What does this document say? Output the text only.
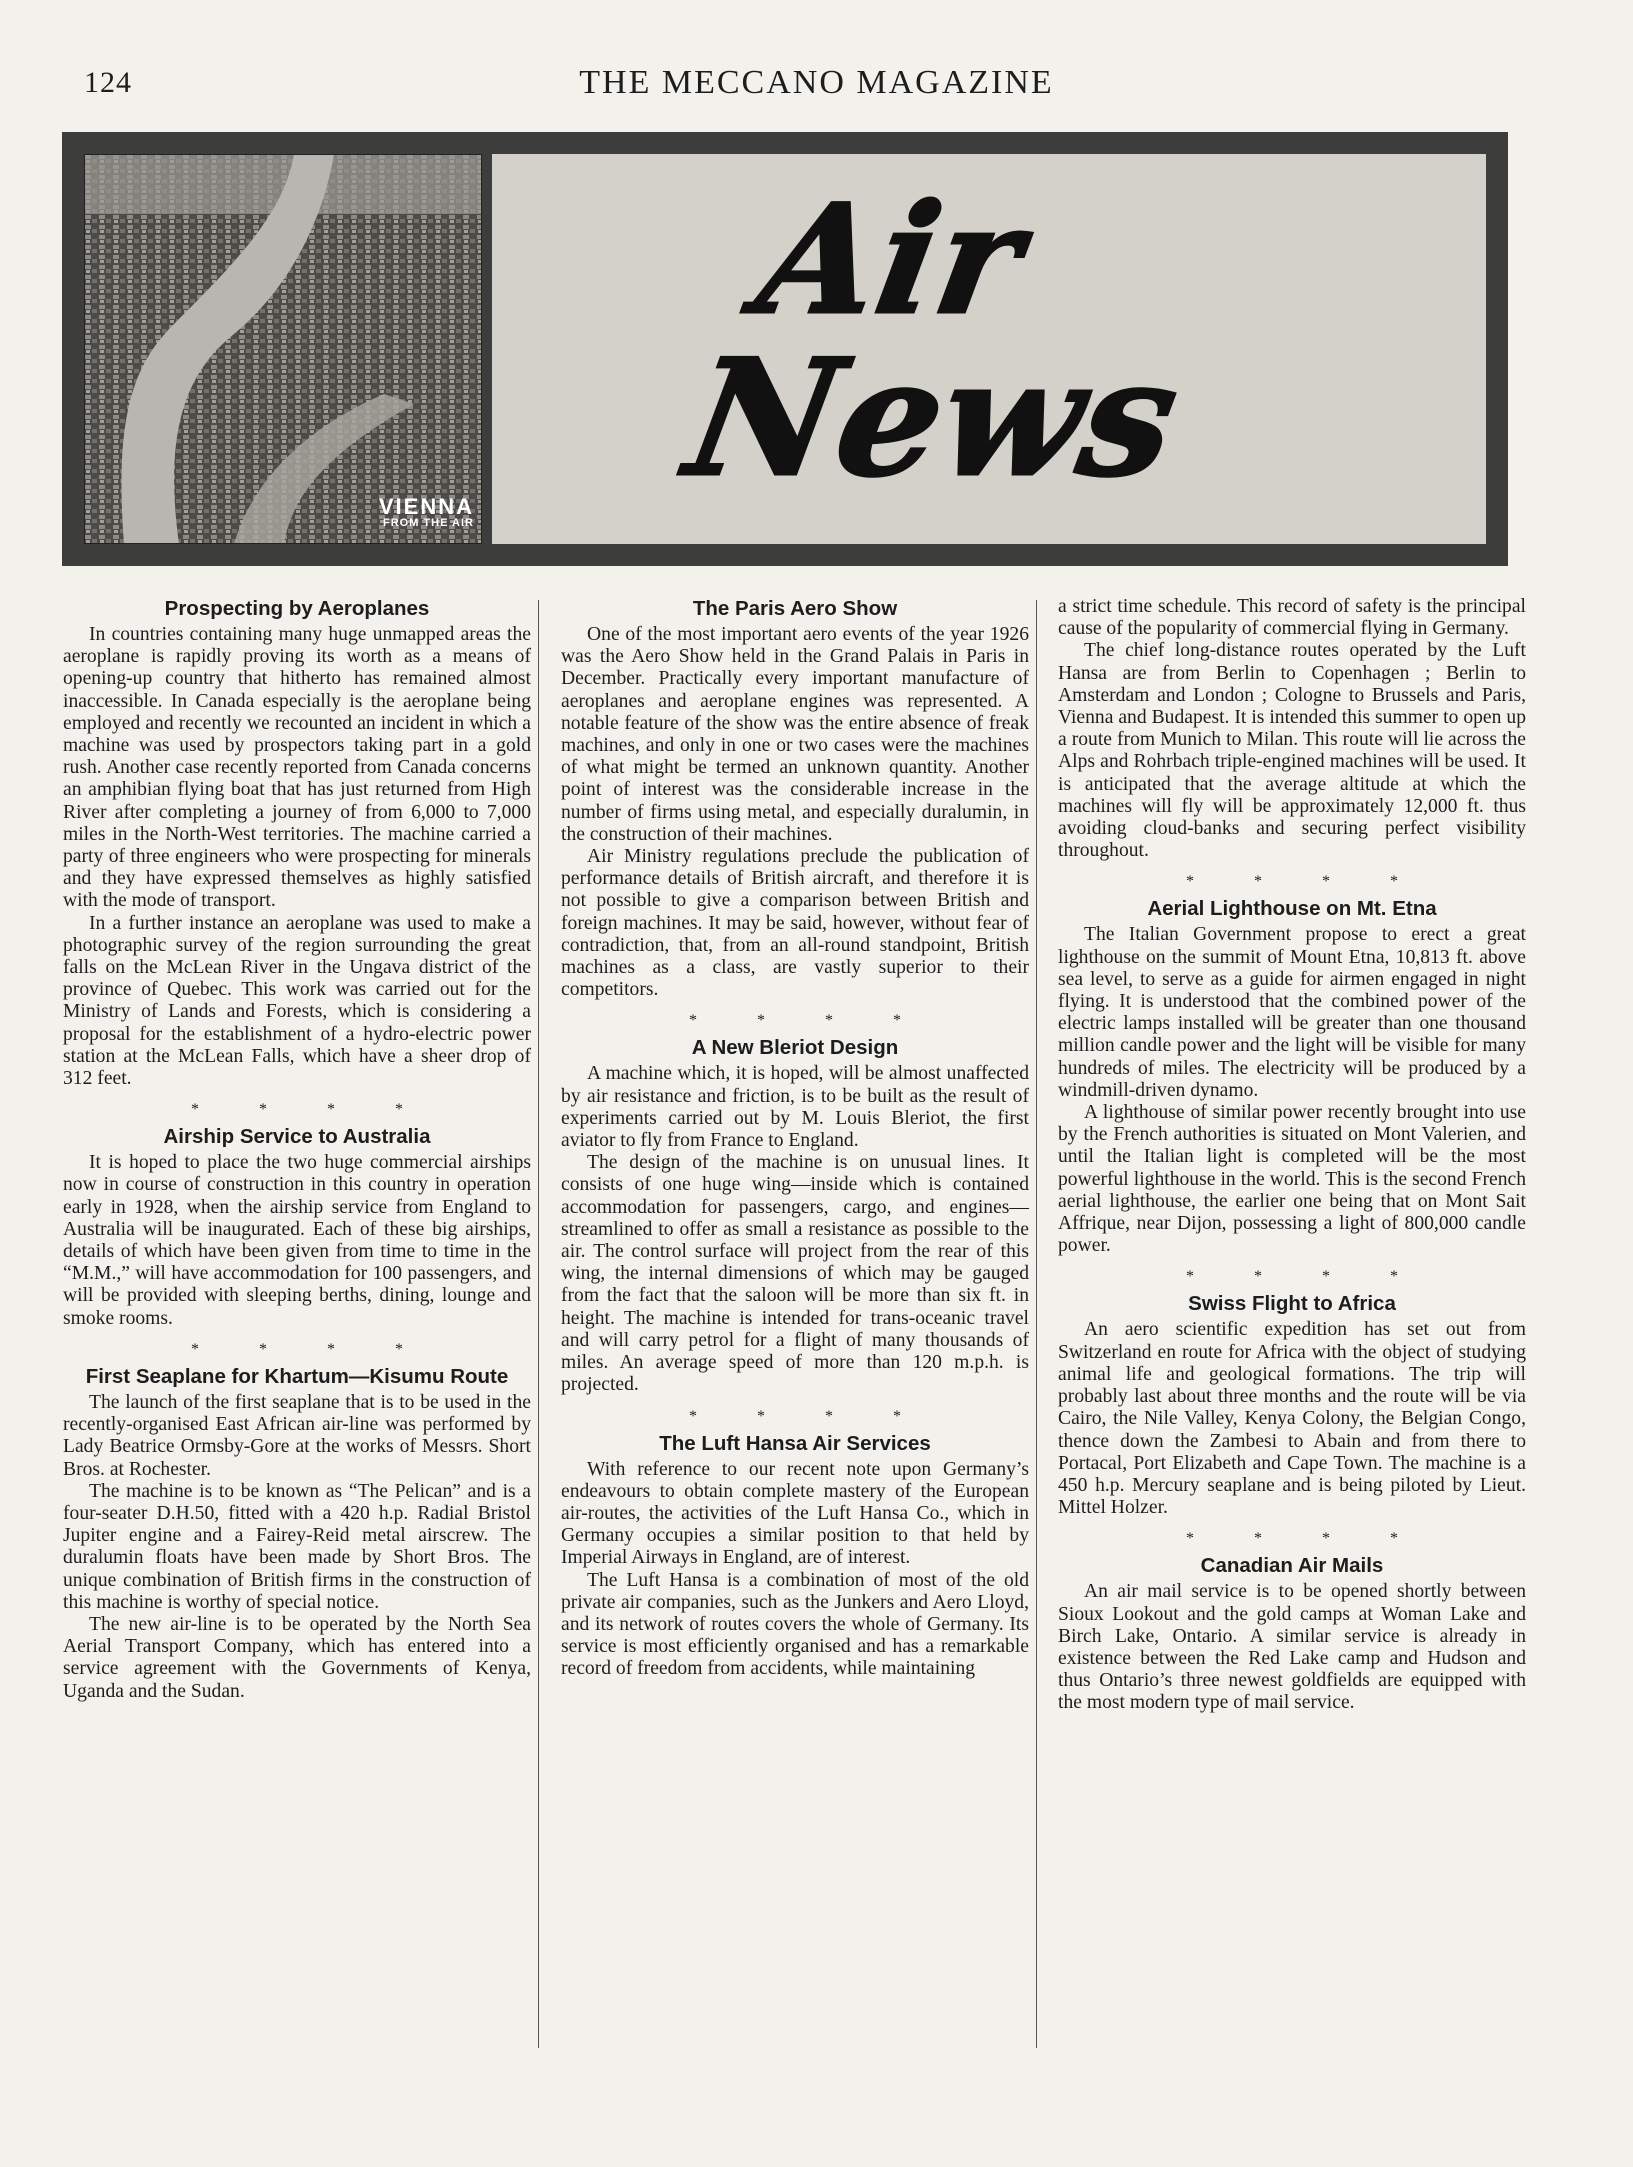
124	THE MECCANO MAGAZINE
VIENNA
FROM THE AIR
Air
News
Prospecting by Aeroplanes

In countries containing many huge unmapped areas the aeroplane is rapidly proving its worth as a means of opening-up country that hitherto has remained almost inaccessible. In Canada especially is the aeroplane being employed and recently we recounted an incident in which a machine was used by prospectors taking part in a gold rush. Another case recently reported from Canada concerns an amphibian flying boat that has just returned from High River after completing a journey of from 6,000 to 7,000 miles in the North-West territories. The machine carried a party of three engineers who were prospecting for minerals and they have expressed themselves as highly satisfied with the mode of transport.

In a further instance an aeroplane was used to make a photographic survey of the region surrounding the great falls on the McLean River in the Ungava district of the province of Quebec. This work was carried out for the Ministry of Lands and Forests, which is considering a proposal for the establishment of a hydro-electric power station at the McLean Falls, which have a sheer drop of 312 feet.

* * * *
Airship Service to Australia

It is hoped to place the two huge commercial airships now in course of construction in this country in operation early in 1928, when the airship service from England to Australia will be inaugurated. Each of these big airships, details of which have been given from time to time in the “M.M.,” will have accommodation for 100 passengers, and will be provided with sleeping berths, dining, lounge and smoke rooms.

* * * *
First Seaplane for Khartum—Kisumu Route

The launch of the first seaplane that is to be used in the recently-organised East African air-line was performed by Lady Beatrice Ormsby-Gore at the works of Messrs. Short Bros. at Rochester.

The machine is to be known as “The Pelican” and is a four-seater D.H.50, fitted with a 420 h.p. Radial Bristol Jupiter engine and a Fairey-Reid metal airscrew. The duralumin floats have been made by Short Bros. The unique combination of British firms in the construction of this machine is worthy of special notice.

The new air-line is to be operated by the North Sea Aerial Transport Company, which has entered into a service agreement with the Governments of Kenya, Uganda and the Sudan.

The Paris Aero Show

One of the most important aero events of the year 1926 was the Aero Show held in the Grand Palais in Paris in December. Practically every important manufacture of aeroplanes and aeroplane engines was represented. A notable feature of the show was the entire absence of freak machines, and only in one or two cases were the machines of what might be termed an unknown quantity. Another point of interest was the considerable increase in the number of firms using metal, and especially duralumin, in the construction of their machines.

Air Ministry regulations preclude the publication of performance details of British aircraft, and therefore it is not possible to give a comparison between British and foreign machines. It may be said, however, without fear of contradiction, that, from an all-round standpoint, British machines as a class, are vastly superior to their competitors.

* * * *
A New Bleriot Design

A machine which, it is hoped, will be almost unaffected by air resistance and friction, is to be built as the result of experiments carried out by M. Louis Bleriot, the first aviator to fly from France to England.

The design of the machine is on unusual lines. It consists of one huge wing—inside which is contained accommodation for passengers, cargo, and engines—streamlined to offer as small a resistance as possible to the air. The control surface will project from the rear of this wing, the internal dimensions of which may be gauged from the fact that the saloon will be more than six ft. in height. The machine is intended for trans-oceanic travel and will carry petrol for a flight of many thousands of miles. An average speed of more than 120 m.p.h. is projected.

* * * *
The Luft Hansa Air Services

With reference to our recent note upon Germany’s endeavours to obtain complete mastery of the European air-routes, the activities of the Luft Hansa Co., which in Germany occupies a similar position to that held by Imperial Airways in England, are of interest.

The Luft Hansa is a combination of most of the old private air companies, such as the Junkers and Aero Lloyd, and its network of routes covers the whole of Germany. Its service is most efficiently organised and has a remarkable record of freedom from accidents, while maintaining

a strict time schedule. This record of safety is the principal cause of the popularity of commercial flying in Germany.

The chief long-distance routes operated by the Luft Hansa are from Berlin to Copenhagen ; Berlin to Amsterdam and London ; Cologne to Brussels and Paris, Vienna and Budapest. It is intended this summer to open up a route from Munich to Milan. This route will lie across the Alps and Rohrbach triple-engined machines will be used. It is anticipated that the average altitude at which the machines will fly will be approximately 12,000 ft. thus avoiding cloud-banks and securing perfect visibility throughout.

* * * *
Aerial Lighthouse on Mt. Etna

The Italian Government propose to erect a great lighthouse on the summit of Mount Etna, 10,813 ft. above sea level, to serve as a guide for airmen engaged in night flying. It is understood that the combined power of the electric lamps installed will be greater than one thousand million candle power and the light will be visible for many hundreds of miles. The electricity will be produced by a windmill-driven dynamo.

A lighthouse of similar power recently brought into use by the French authorities is situated on Mont Valerien, and until the Italian light is completed will be the most powerful lighthouse in the world. This is the second French aerial lighthouse, the earlier one being that on Mont Sait Affrique, near Dijon, possessing a light of 800,000 candle power.

* * * *
Swiss Flight to Africa

An aero scientific expedition has set out from Switzerland en route for Africa with the object of studying animal life and geological formations. The trip will probably last about three months and the route will be via Cairo, the Nile Valley, Kenya Colony, the Belgian Congo, thence down the Zambesi to Abain and from there to Portacal, Port Elizabeth and Cape Town. The machine is a 450 h.p. Mercury seaplane and is being piloted by Lieut. Mittel Holzer.

* * * *
Canadian Air Mails

An air mail service is to be opened shortly between Sioux Lookout and the gold camps at Woman Lake and Birch Lake, Ontario. A similar service is already in existence between the Red Lake camp and Hudson and thus Ontario’s three newest goldfields are equipped with the most modern type of mail service.
